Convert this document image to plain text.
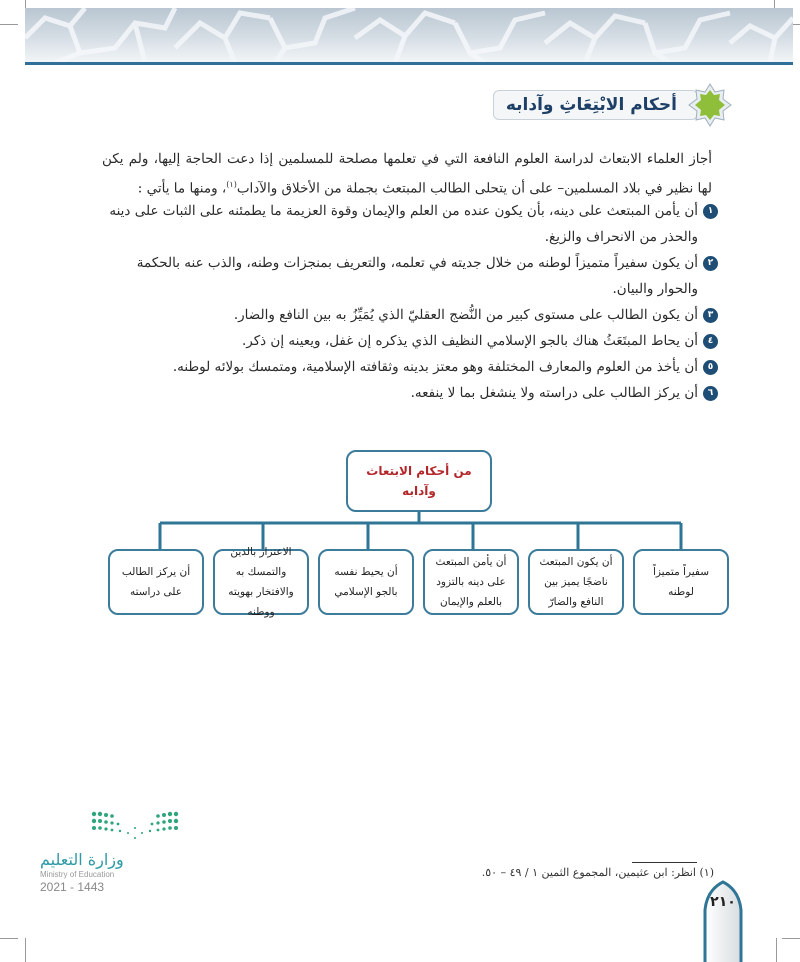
أحكام الابْتِعَاثِ وآدابه
أجاز العلماء الابتعاث لدراسة العلوم النافعة التي في تعلمها مصلحة للمسلمين إذا دعت الحاجة إليها، ولم يكن لها نظير في بلاد المسلمين– على أن يتحلى الطالب المبتعث بجملة من الأخلاق والآداب$^{(١)}$، ومنها ما يأتي :
١
أن يأمن المبتعث على دينه، بأن يكون عنده من العلم والإيمان وقوة العزيمة ما يطمئنه على الثبات على دينه والحذر من الانحراف والزيغ.
٢
أن يكون سفيراً متميزاً لوطنه من خلال جديته في تعلمه، والتعريف بمنجزات وطنه، والذب عنه بالحكمة والحوار والبيان.
٣
أن يكون الطالب على مستوى كبير من النُّضج العقليّ الذي يُمَيِّزُ به بين النافع والضار.
٤
أن يحاط المبتَعَثُ هناك بالجو الإسلامي النظيف الذي يذكره إن غفل، ويعينه إن ذكر.
٥
أن يأخذ من العلوم والمعارف المختلفة وهو معتز بدينه وثقافته الإسلامية، ومتمسك بولائه لوطنه.
٦
أن يركز الطالب على دراسته ولا ينشغل بما لا ينفعه.
من أحكام الابتعاث وآدابه
سفيراً متميزاً لوطنه
أن يكون المبتعث ناضجًا يميز بين النافع والضارّ
أن يأمن المبتعث على دينه بالتزود بالعلم والإيمان
أن يحيط نفسه بالجو الإسلامي
الاعتزاز بالدين والتمسك به والافتخار بهويته ووطنه
أن يركز الطالب على دراسته
وزارة التعليم
Ministry of Education
2021 - 1443
(١) انظر: ابن عثيمين، المجموع الثمين ١ / ٤٩ – ٥٠.
٢١٠
